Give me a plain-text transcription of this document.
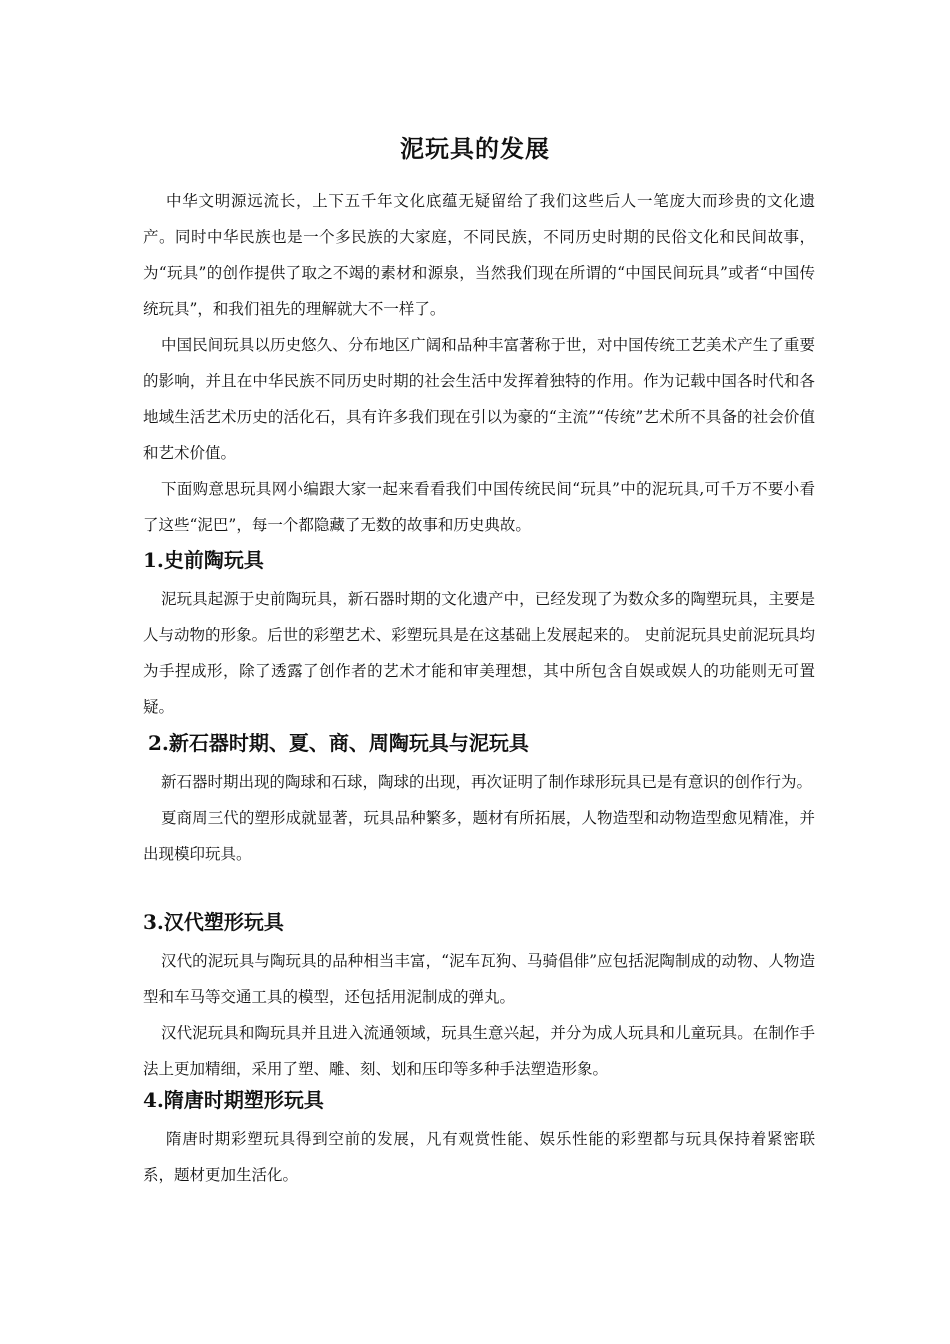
泥玩具的发展

中华文明源远流长，上下五千年文化底蕴无疑留给了我们这些后人一笔庞大而珍贵的文化遗产。同时中华民族也是一个多民族的大家庭，不同民族，不同历史时期的民俗文化和民间故事，为“玩具”的创作提供了取之不竭的素材和源泉，当然我们现在所谓的“中国民间玩具”或者“中国传统玩具”，和我们祖先的理解就大不一样了。

中国民间玩具以历史悠久、分布地区广阔和品种丰富著称于世，对中国传统工艺美术产生了重要的影响，并且在中华民族不同历史时期的社会生活中发挥着独特的作用。作为记载中国各时代和各地域生活艺术历史的活化石，具有许多我们现在引以为豪的“主流”“传统”艺术所不具备的社会价值和艺术价值。

下面购意思玩具网小编跟大家一起来看看我们中国传统民间“玩具”中的泥玩具,可千万不要小看了这些“泥巴”，每一个都隐藏了无数的故事和历史典故。

1.史前陶玩具

泥玩具起源于史前陶玩具，新石器时期的文化遗产中，已经发现了为数众多的陶塑玩具，主要是人与动物的形象。后世的彩塑艺术、彩塑玩具是在这基础上发展起来的。 史前泥玩具史前泥玩具均为手捏成形，除了透露了创作者的艺术才能和审美理想，其中所包含自娱或娱人的功能则无可置疑。

2.新石器时期、夏、商、周陶玩具与泥玩具

新石器时期出现的陶球和石球，陶球的出现，再次证明了制作球形玩具已是有意识的创作行为。

夏商周三代的塑形成就显著，玩具品种繁多，题材有所拓展，人物造型和动物造型愈见精准，并出现模印玩具。

3.汉代塑形玩具

汉代的泥玩具与陶玩具的品种相当丰富，“泥车瓦狗、马骑倡俳”应包括泥陶制成的动物、人物造型和车马等交通工具的模型，还包括用泥制成的弹丸。

汉代泥玩具和陶玩具并且进入流通领域，玩具生意兴起，并分为成人玩具和儿童玩具。在制作手法上更加精细，采用了塑、雕、刻、划和压印等多种手法塑造形象。

4.隋唐时期塑形玩具

隋唐时期彩塑玩具得到空前的发展，凡有观赏性能、娱乐性能的彩塑都与玩具保持着紧密联系，题材更加生活化。
